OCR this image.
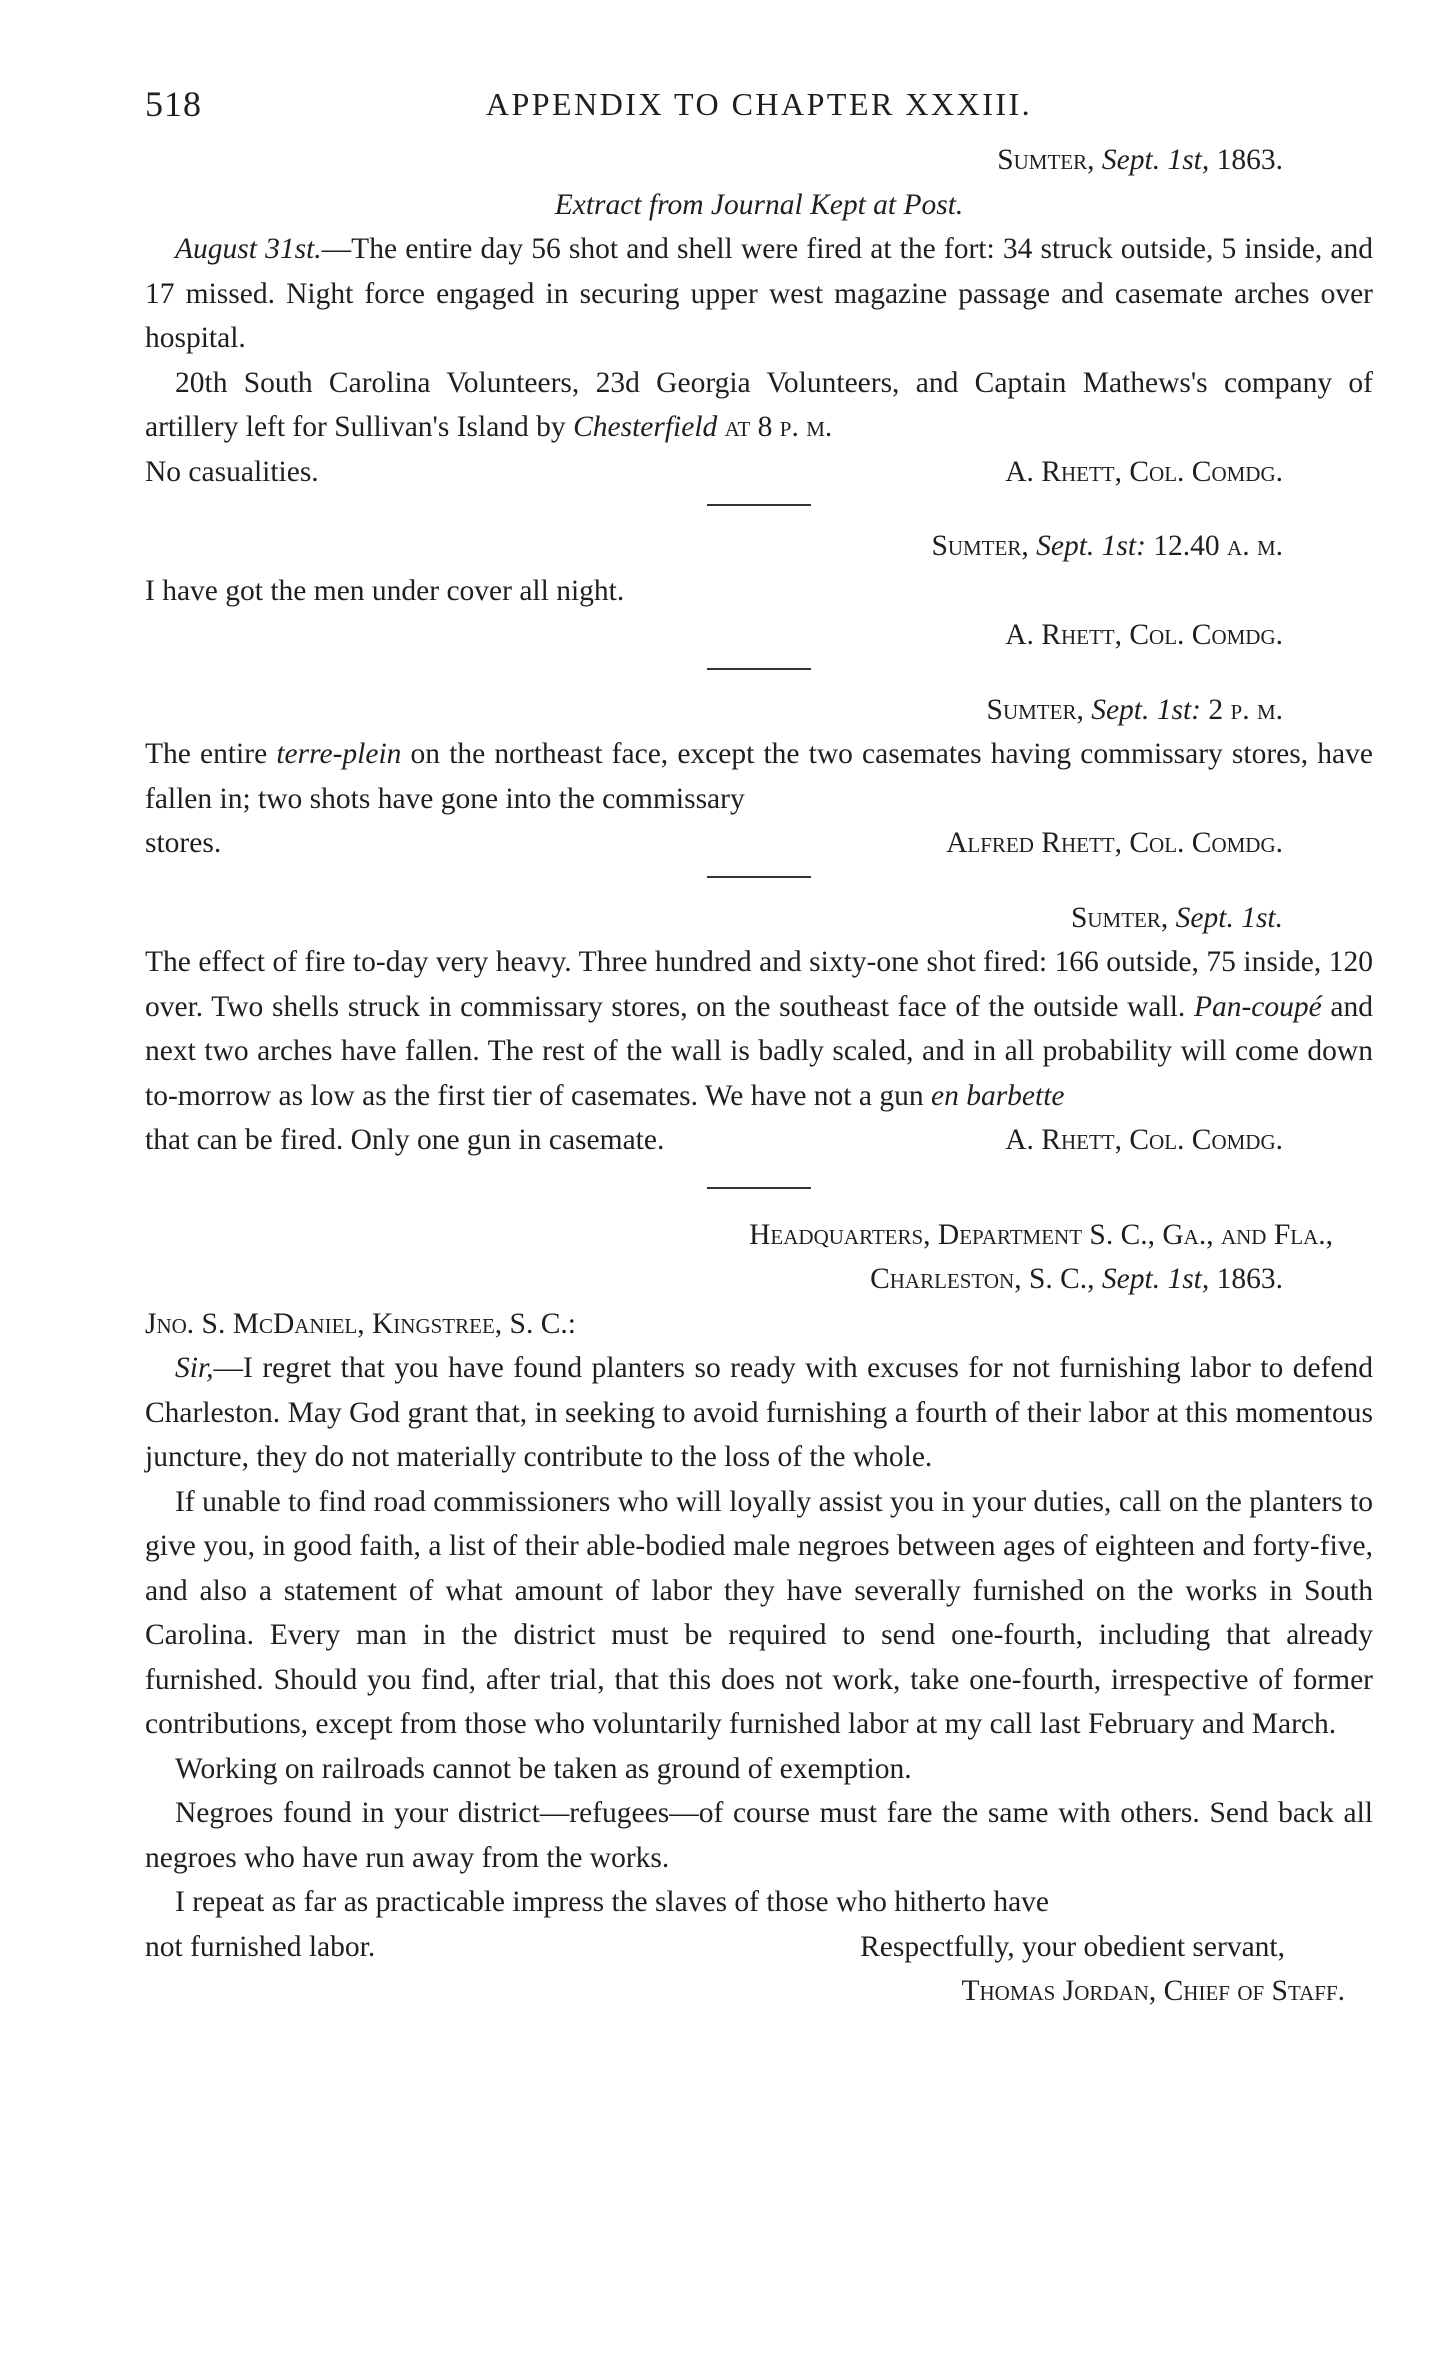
518	APPENDIX TO CHAPTER XXXIII.
Sumter, Sept. 1st, 1863.
Extract from Journal Kept at Post.

August 31st.—The entire day 56 shot and shell were fired at the fort: 34 struck outside, 5 inside, and 17 missed. Night force engaged in securing upper west magazine passage and casemate arches over hospital.

20th South Carolina Volunteers, 23d Georgia Volunteers, and Captain Mathews's company of artillery left for Sullivan's Island by Chesterfield at 8 p. m.

No casualities.	A. Rhett, Col. Comdg.
Sumter, Sept. 1st: 12.40 a. m.

I have got the men under cover all night.

A. Rhett, Col. Comdg.
Sumter, Sept. 1st: 2 p. m.

The entire terre-plein on the northeast face, except the two casemates having commissary stores, have fallen in; two shots have gone into the commissary

stores.	Alfred Rhett, Col. Comdg.
Sumter, Sept. 1st.

The effect of fire to-day very heavy. Three hundred and sixty-one shot fired: 166 outside, 75 inside, 120 over. Two shells struck in commissary stores, on the southeast face of the outside wall. Pan-coupé and next two arches have fallen. The rest of the wall is badly scaled, and in all probability will come down to-morrow as low as the first tier of casemates. We have not a gun en barbette

that can be fired. Only one gun in casemate.	A. Rhett, Col. Comdg.
Headquarters, Department S. C., Ga., and Fla.,
Charleston, S. C., Sept. 1st, 1863.
Jno. S. McDaniel, Kingstree, S. C.:

Sir,—I regret that you have found planters so ready with excuses for not furnishing labor to defend Charleston. May God grant that, in seeking to avoid furnishing a fourth of their labor at this momentous juncture, they do not materially contribute to the loss of the whole.

If unable to find road commissioners who will loyally assist you in your duties, call on the planters to give you, in good faith, a list of their able-bodied male negroes between ages of eighteen and forty-five, and also a statement of what amount of labor they have severally furnished on the works in South Carolina. Every man in the district must be required to send one-fourth, including that already furnished. Should you find, after trial, that this does not work, take one-fourth, irrespective of former contributions, except from those who voluntarily furnished labor at my call last February and March.

Working on railroads cannot be taken as ground of exemption.

Negroes found in your district—refugees—of course must fare the same with others. Send back all negroes who have run away from the works.

I repeat as far as practicable impress the slaves of those who hitherto have

not furnished labor.	Respectfully, your obedient servant,
Thomas Jordan, Chief of Staff.
